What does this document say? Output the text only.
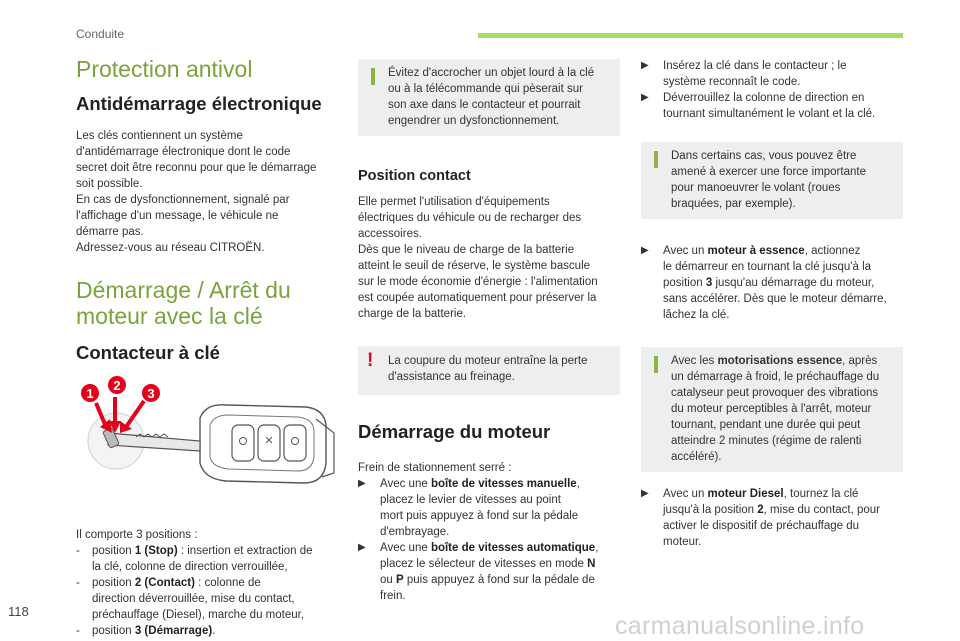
Conduite
Protection antivol
Antidémarrage électronique
Les clés contiennent un système
d'antidémarrage électronique dont le code
secret doit être reconnu pour que le démarrage
soit possible.
En cas de dysfonctionnement, signalé par
l'affichage d'un message, le véhicule ne
démarre pas.
Adressez-vous au réseau CITROËN.
Démarrage / Arrêt du
moteur avec la clé
Contacteur à clé
1
2
3
Il comporte 3 positions :
- position 1 (Stop) : insertion et extraction de
la clé, colonne de direction verrouillée,
- position 2 (Contact) : colonne de
direction déverrouillée, mise du contact,
préchauffage (Diesel), marche du moteur,
- position 3 (Démarrage).
Évitez d'accrocher un objet lourd à la clé
ou à la télécommande qui pèserait sur
son axe dans le contacteur et pourrait
engendrer un dysfonctionnement.
Position contact
Elle permet l'utilisation d'équipements
électriques du véhicule ou de recharger des
accessoires.
Dès que le niveau de charge de la batterie
atteint le seuil de réserve, le système bascule
sur le mode économie d'énergie : l'alimentation
est coupée automatiquement pour préserver la
charge de la batterie.
! La coupure du moteur entraîne la perte
d'assistance au freinage.
Démarrage du moteur
Frein de stationnement serré :
▶ Avec une boîte de vitesses manuelle,
placez le levier de vitesses au point
mort puis appuyez à fond sur la pédale
d'embrayage.
▶ Avec une boîte de vitesses automatique,
placez le sélecteur de vitesses en mode N
ou P puis appuyez à fond sur la pédale de
frein.
▶ Insérez la clé dans le contacteur ; le
système reconnaît le code.
▶ Déverrouillez la colonne de direction en
tournant simultanément le volant et la clé.
Dans certains cas, vous pouvez être
amené à exercer une force importante
pour manoeuvrer le volant (roues
braquées, par exemple).
▶ Avec un moteur à essence, actionnez
le démarreur en tournant la clé jusqu'à la
position 3 jusqu'au démarrage du moteur,
sans accélérer. Dès que le moteur démarre,
lâchez la clé.
Avec les motorisations essence, après
un démarrage à froid, le préchauffage du
catalyseur peut provoquer des vibrations
du moteur perceptibles à l'arrêt, moteur
tournant, pendant une durée qui peut
atteindre 2 minutes (régime de ralenti
accéléré).
▶ Avec un moteur Diesel, tournez la clé
jusqu'à la position 2, mise du contact, pour
activer le dispositif de préchauffage du
moteur.
118
carmanualsonline.info
